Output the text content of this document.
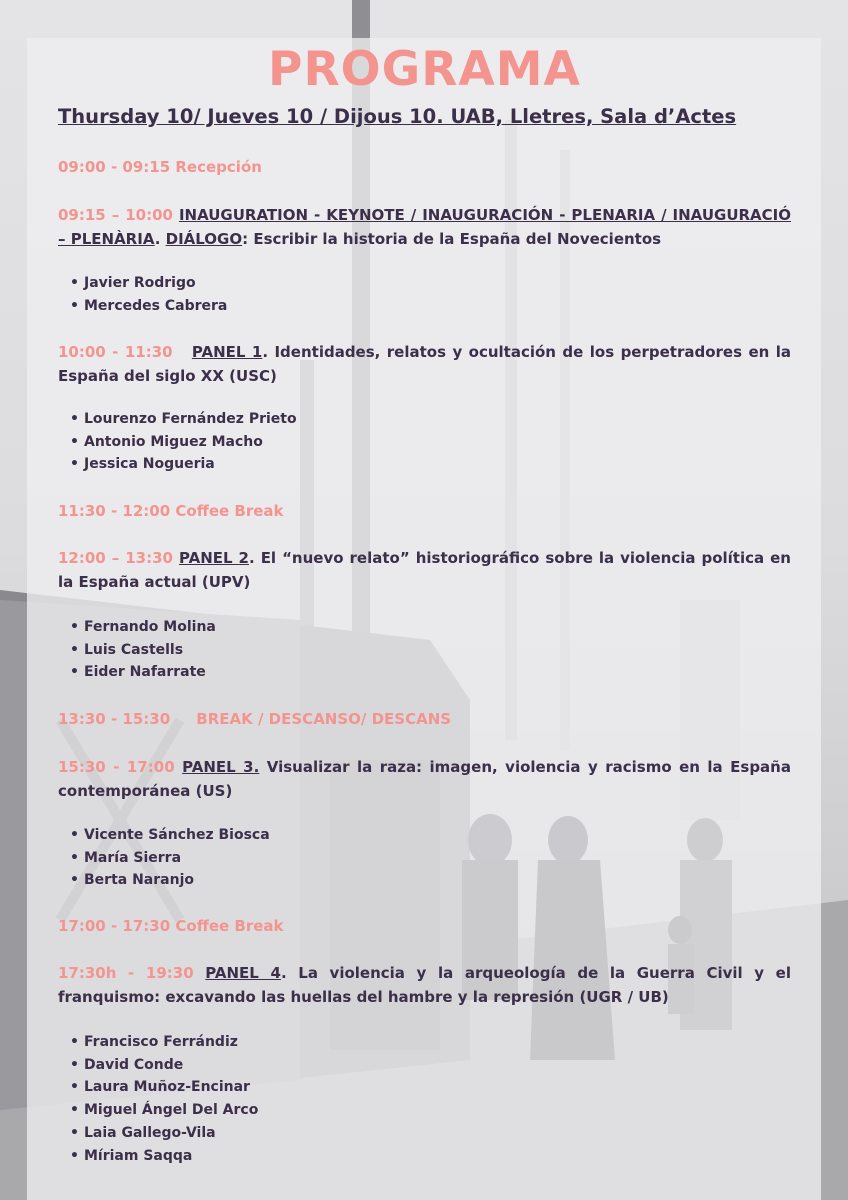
PROGRAMA
Thursday 10/ Jueves 10 / Dijous 10. UAB, Lletres, Sala d’Actes
09:00 - 09:15 Recepción
09:15 – 10:00 INAUGURATION - KEYNOTE / INAUGURACIÓN - PLENARIA / INAUGURACIÓ – PLENÀRIA. DIÁLOGO: Escribir la historia de la España del Novecientos
• Javier Rodrigo
• Mercedes Cabrera
10:00 - 11:30 PANEL 1. Identidades, relatos y ocultación de los perpetradores en la España del siglo XX (USC)
• Lourenzo Fernández Prieto
• Antonio Miguez Macho
• Jessica Nogueria
11:30 - 12:00 Coffee Break
12:00 – 13:30 PANEL 2. El “nuevo relato” historiográfico sobre la violencia política en la España actual (UPV)
• Fernando Molina
• Luis Castells
• Eider Nafarrate
13:30 - 15:30 BREAK / DESCANSO/ DESCANS
15:30 - 17:00 PANEL 3. Visualizar la raza: imagen, violencia y racismo en la España contemporánea (US)
• Vicente Sánchez Biosca
• María Sierra
• Berta Naranjo
17:00 - 17:30 Coffee Break
17:30h - 19:30 PANEL 4. La violencia y la arqueología de la Guerra Civil y el franquismo: excavando las huellas del hambre y la represión (UGR / UB)
• Francisco Ferrándiz
• David Conde
• Laura Muñoz-Encinar
• Miguel Ángel Del Arco
• Laia Gallego-Vila
• Míriam Saqqa
